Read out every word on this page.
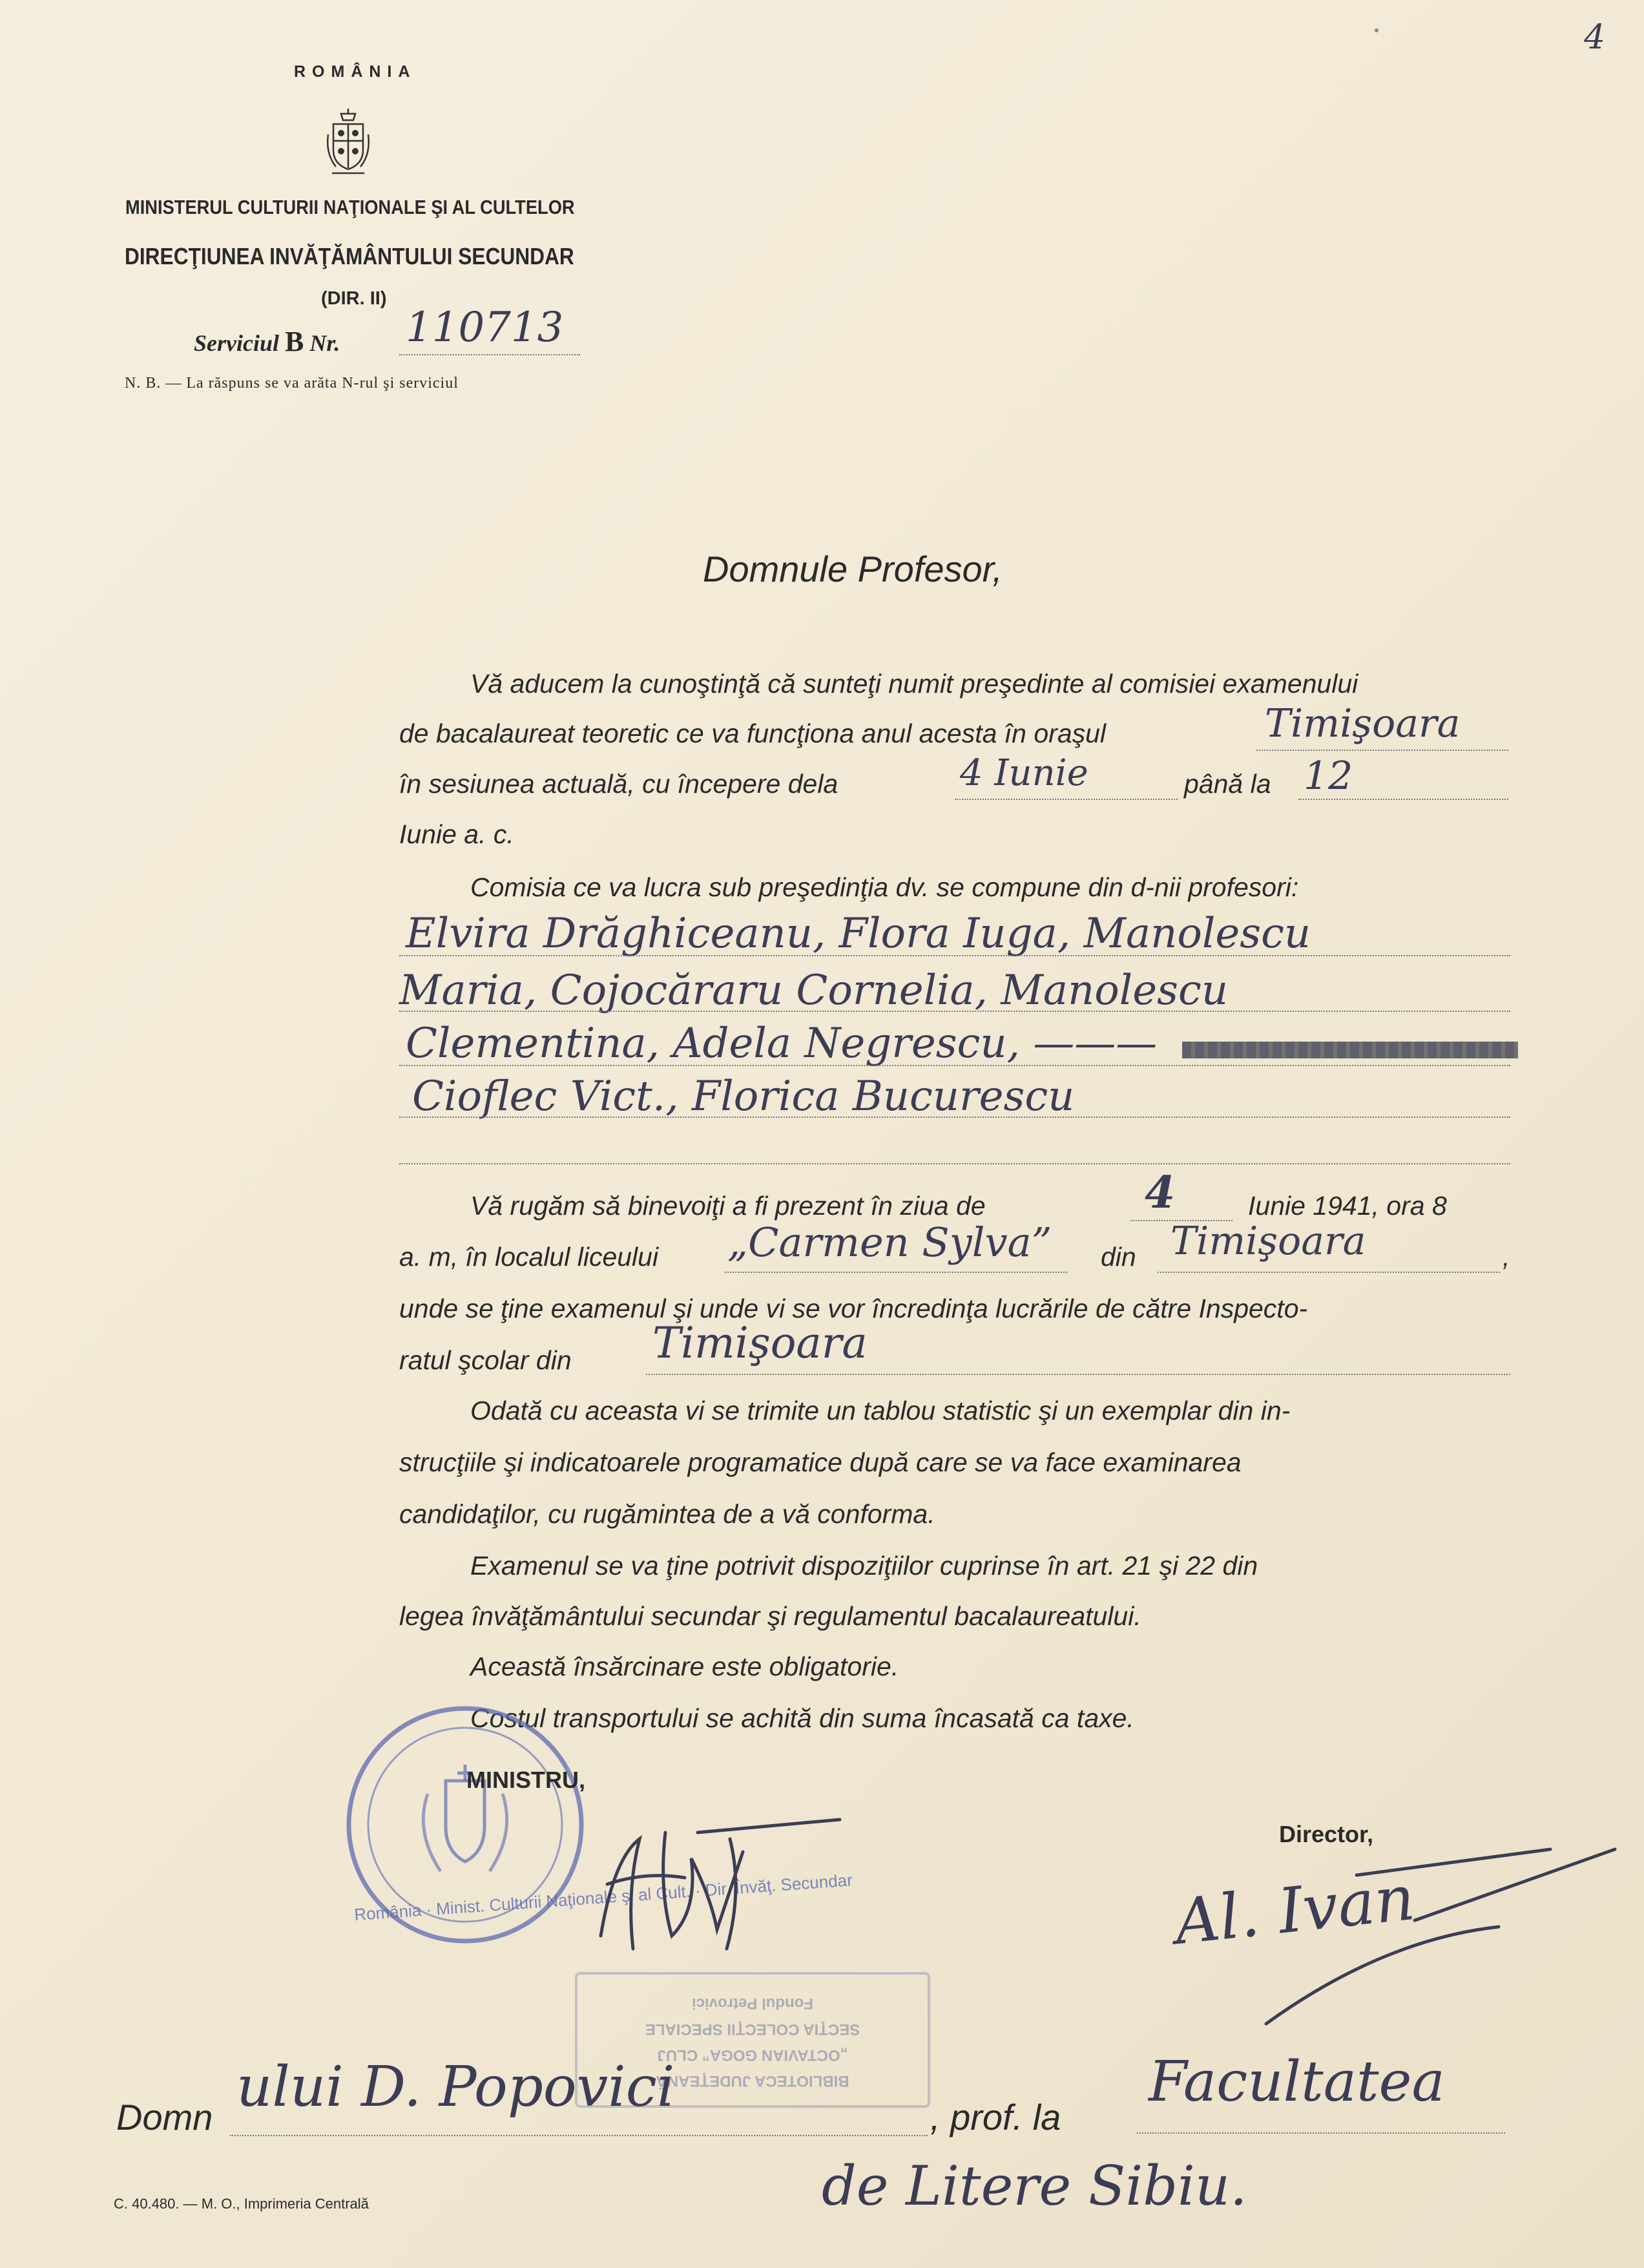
4
ROMÂNIA
MINISTERUL CULTURII NAŢIONALE ŞI AL CULTELOR
DIRECŢIUNEA INVĂŢĂMÂNTULUI SECUNDAR
(DIR. II)
Serviciul B Nr. 110713
N. B. — La răspuns se va arăta N-rul şi serviciul
Domnule Profesor,
Vă aducem la cunoştinţă că sunteţi numit preşedinte al comisiei examenului
de bacalaureat teoretic ce va funcţiona anul acesta în oraşul	Timişoara
în sesiunea actuală, cu începere dela	4 Iunie	până la 12
Iunie a. c.
Comisia ce va lucra sub preşedinţia dv. se compune din d-nii profesori:
Elvira Drăghiceanu, Flora Iuga, Manolescu
Maria, Cojocăraru Cornelia, Manolescu
Clementina, Adela Negrescu, ———
Cioflec Vict., Florica Bucurescu
Vă rugăm să binevoiţi a fi prezent în ziua de	4	Iunie 1941, ora 8
a. m, în localul liceului „Carmen Sylva” din Timişoara	,
unde se ţine examenul şi unde vi se vor încredinţa lucrările de către Inspecto-
ratul şcolar din Timişoara
Odată cu aceasta vi se trimite un tablou statistic şi un exemplar din in-
strucţiile şi indicatoarele programatice după care se va face examinarea
candidaţilor, cu rugămintea de a vă conforma.
Examenul se va ţine potrivit dispoziţiilor cuprinse în art. 21 şi 22 din
legea învăţământului secundar şi regulamentul bacalaureatului.
Această însărcinare este obligatorie.
Costul transportului se achită din suma încasată ca taxe.
România · Minist. Culturii Naţionale şi al Cult. · Dir. Învăţ. Secundar
MINISTRU,
Director,
Al. Ivan
BIBLIOTECA JUDEŢEANĂ
„OCTAVIAN GOGA” CLUJ
SECŢIA COLECŢII SPECIALE
Fondul Petrovici
Domn ului D. Popovici	, prof. la
Facultatea
de Litere Sibiu.
C. 40.480. — M. O., Imprimeria Centrală
